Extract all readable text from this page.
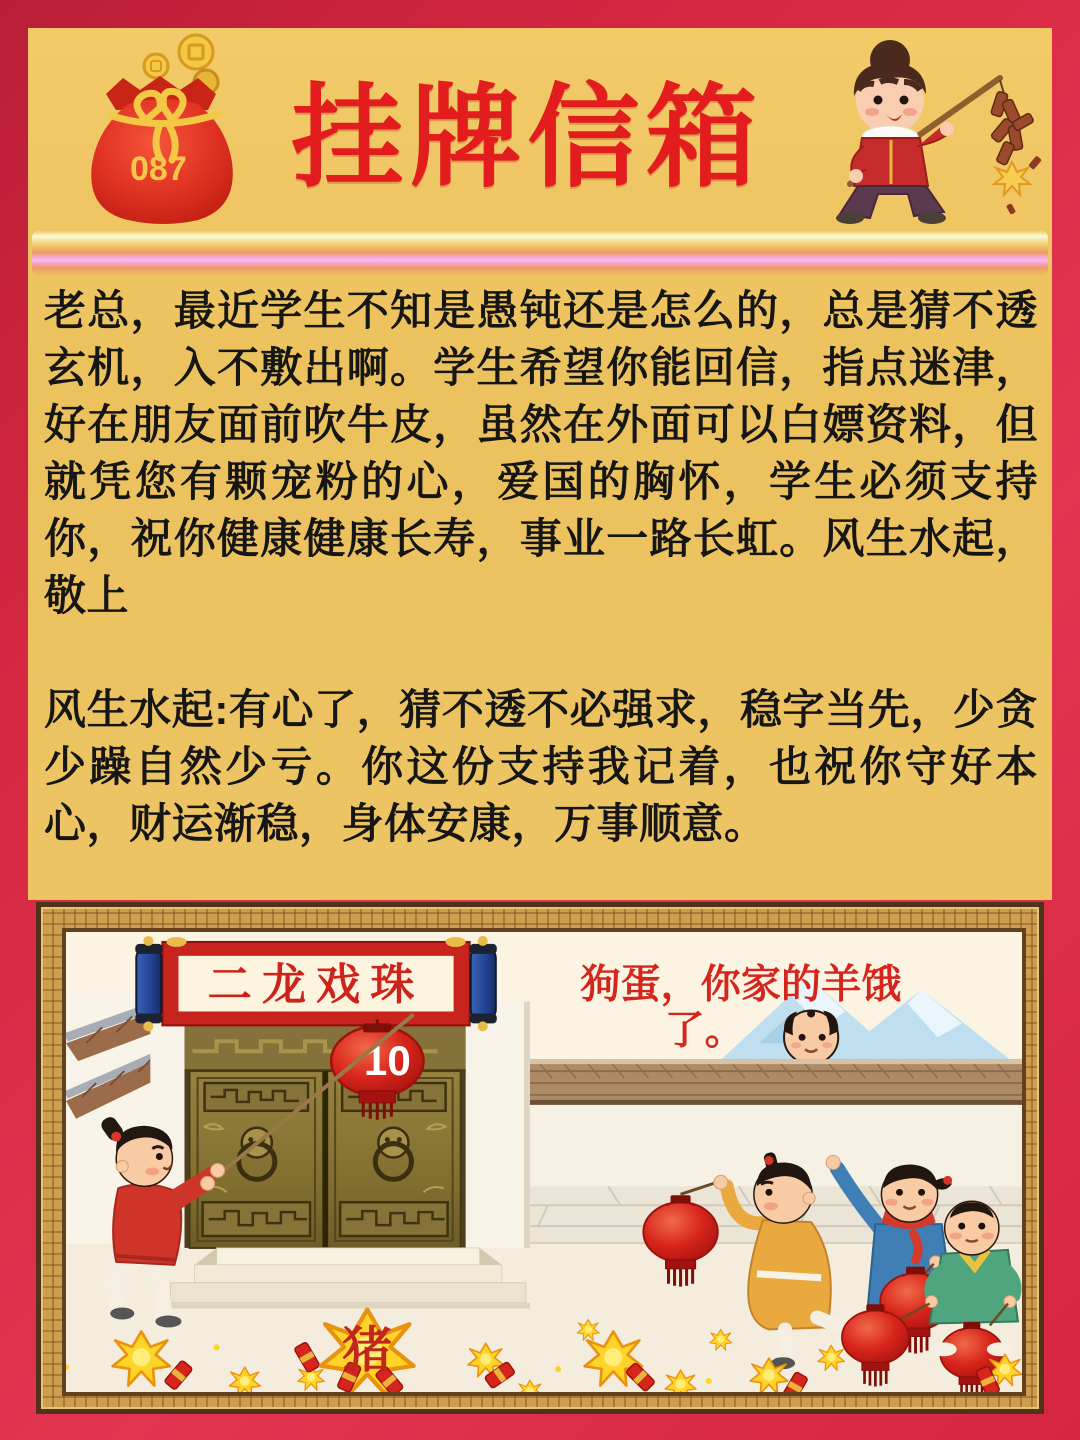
087 挂牌信箱

老总，最近学生不知是愚钝还是怎么的，总是猜不透玄机，入不敷出啊。学生希望你能回信，指点迷津，好在朋友面前吹牛皮，虽然在外面可以白嫖资料，但就凭您有颗宠粉的心，爱国的胸怀，学生必须支持你，祝你健康健康长寿，事业一路长虹。风生水起，敬上

风生水起:有心了，猜不透不必强求，稳字当先，少贪少躁自然少亏。你这份支持我记着，也祝你守好本心，财运渐稳，身体安康，万事顺意。

狗蛋，你家的羊饿
了。
二龙戏珠
10
猪
